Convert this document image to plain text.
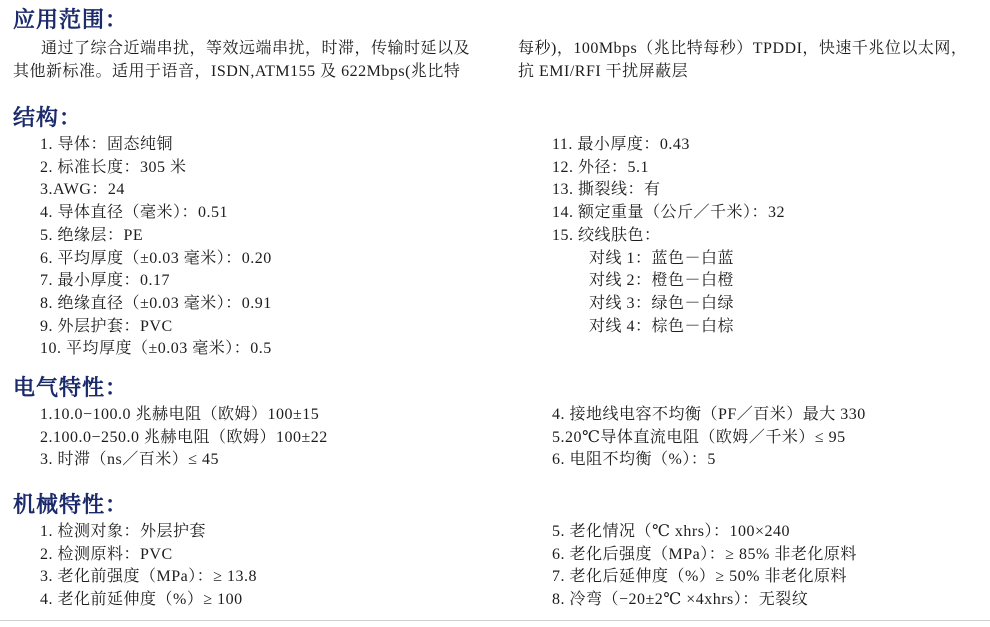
应用范围：
通过了综合近端串扰，等效远端串扰，时滞，传输时延以及
其他新标准。适用于语音，ISDN,ATM155 及 622Mbps(兆比特
每秒)，100Mbps（兆比特每秒）TPDDI，快速千兆位以太网，
抗 EMI/RFI 干扰屏蔽层
结构：
1. 导体：固态纯铜
2. 标准长度：305 米
3.AWG：24
4. 导体直径（毫米）：0.51
5. 绝缘层：PE
6. 平均厚度（±0.03 毫米）：0.20
7. 最小厚度：0.17
8. 绝缘直径（±0.03 毫米）：0.91
9. 外层护套：PVC
10. 平均厚度（±0.03 毫米）：0.5
11. 最小厚度：0.43
12. 外径：5.1
13. 撕裂线：有
14. 额定重量（公斤／千米）：32
15. 绞线肤色：
对线 1：蓝色－白蓝
对线 2：橙色－白橙
对线 3：绿色－白绿
对线 4：棕色－白棕
电气特性：
1.10.0−100.0 兆赫电阻（欧姆）100±15
2.100.0−250.0 兆赫电阻（欧姆）100±22
3. 时滞（ns／百米）≤ 45
4. 接地线电容不均衡（PF／百米）最大 330
5.20℃导体直流电阻（欧姆／千米）≤ 95
6. 电阻不均衡（%）：5
机械特性：
1. 检测对象：外层护套
2. 检测原料：PVC
3. 老化前强度（MPa）：≥ 13.8
4. 老化前延伸度（%）≥ 100
5. 老化情况（℃ xhrs）：100×240
6. 老化后强度（MPa）：≥ 85% 非老化原料
7. 老化后延伸度（%）≥ 50% 非老化原料
8. 冷弯（−20±2℃ ×4xhrs）：无裂纹
